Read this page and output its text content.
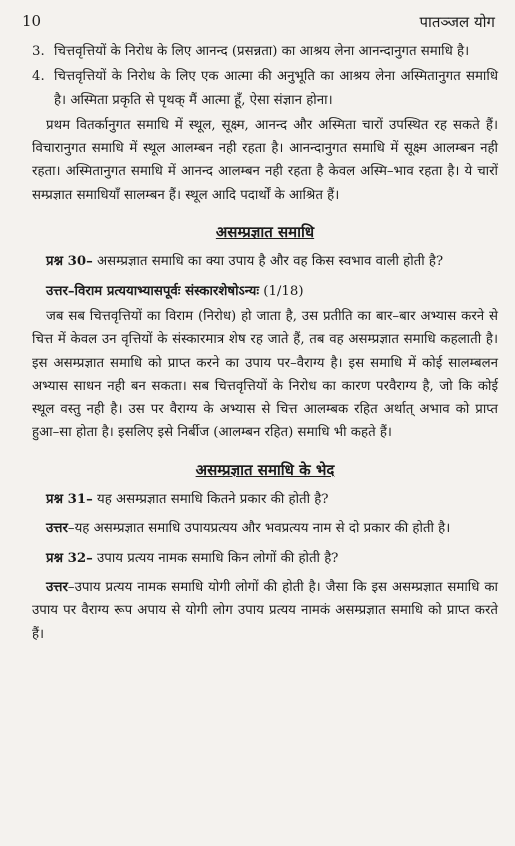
10	पातञ्जल योग
3. चित्तवृत्तियों के निरोध के लिए आनन्द (प्रसन्नता) का आश्रय लेना आनन्दानुगत समाधि है।
4. चित्तवृत्तियों के निरोध के लिए एक आत्मा की अनुभूति का आश्रय लेना अस्मितानुगत समाधि है। अस्मिता प्रकृति से पृथक् मैं आत्मा हूँ, ऐसा संज्ञान होना।

प्रथम वितर्कानुगत समाधि में स्थूल, सूक्ष्म, आनन्द और अस्मिता चारों उपस्थित रह सकते हैं। विचारानुगत समाधि में स्थूल आलम्बन नही रहता है। आनन्दानुगत समाधि में सूक्ष्म आलम्बन नही रहता। अस्मितानुगत समाधि में आनन्द आलम्बन नही रहता है केवल अस्मि–भाव रहता है। ये चारों सम्प्रज्ञात समाधियाँ सालम्बन हैं। स्थूल आदि पदार्थों के आश्रित हैं।

असम्प्रज्ञात समाधि

प्रश्न 30– असम्प्रज्ञात समाधि का क्या उपाय है और वह किस स्वभाव वाली होती है?

उत्तर–विराम प्रत्ययाभ्यासपूर्वः संस्कारशेषोऽन्यः (1/18)

जब सब चित्तवृत्तियों का विराम (निरोध) हो जाता है, उस प्रतीति का बार–बार अभ्यास करने से चित्त में केवल उन वृत्तियों के संस्कारमात्र शेष रह जाते हैं, तब वह असम्प्रज्ञात समाधि कहलाती है। इस असम्प्रज्ञात समाधि को प्राप्त करने का उपाय पर–वैराग्य है। इस समाधि में कोई सालम्बलन अभ्यास साधन नही बन सकता। सब चित्तवृत्तियों के निरोध का कारण परवैराग्य है, जो कि कोई स्थूल वस्तु नही है। उस पर वैराग्य के अभ्यास से चित्त आलम्बक रहित अर्थात् अभाव को प्राप्त हुआ–सा होता है। इसलिए इसे निर्बीज (आलम्बन रहित) समाधि भी कहते हैं।

असम्प्रज्ञात समाधि के भेद

प्रश्न 31– यह असम्प्रज्ञात समाधि कितने प्रकार की होती है?

उत्तर–यह असम्प्रज्ञात समाधि उपायप्रत्यय और भवप्रत्यय नाम से दो प्रकार की होती है।

प्रश्न 32– उपाय प्रत्यय नामक समाधि किन लोगों की होती है?

उत्तर–उपाय प्रत्यय नामक समाधि योगी लोगों की होती है। जैसा कि इस असम्प्रज्ञात समाधि का उपाय पर वैराग्य रूप अपाय से योगी लोग उपाय प्रत्यय नामकं असम्प्रज्ञात समाधि को प्राप्त करते हैं।
